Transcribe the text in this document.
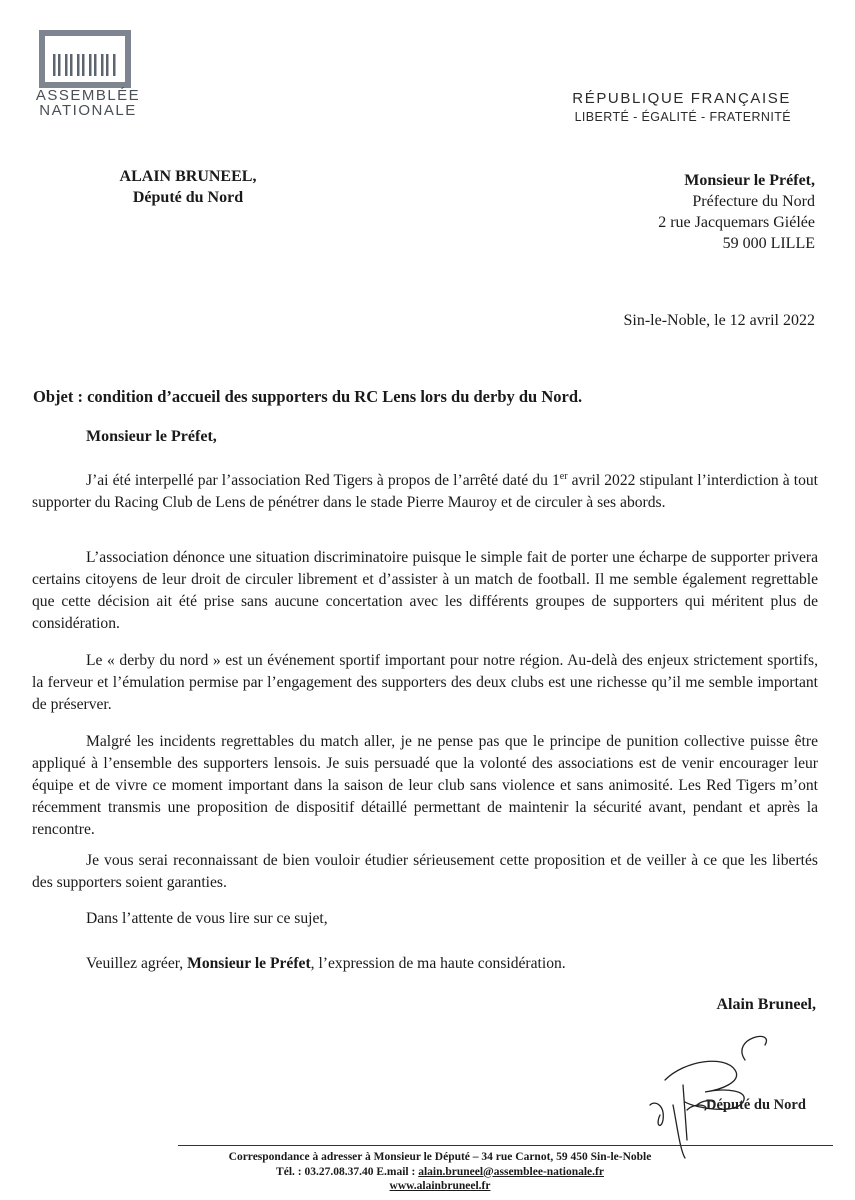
ASSEMBLÉE
NATIONALE
RÉPUBLIQUE FRANÇAISE
LIBERTÉ - ÉGALITÉ - FRATERNITÉ
ALAIN BRUNEEL,
Député du Nord
Monsieur le Préfet,
Préfecture du Nord
2 rue Jacquemars Giélée
59 000 LILLE
Sin-le-Noble, le 12 avril 2022
Objet : condition d’accueil des supporters du RC Lens lors du derby du Nord.
Monsieur le Préfet,
J’ai été interpellé par l’association Red Tigers à propos de l’arrêté daté du 1er avril 2022 stipulant l’interdiction à tout supporter du Racing Club de Lens de pénétrer dans le stade Pierre Mauroy et de circuler à ses abords.
L’association dénonce une situation discriminatoire puisque le simple fait de porter une écharpe de supporter privera certains citoyens de leur droit de circuler librement et d’assister à un match de football. Il me semble également regrettable que cette décision ait été prise sans aucune concertation avec les différents groupes de supporters qui méritent plus de considération.
Le « derby du nord » est un événement sportif important pour notre région. Au-delà des enjeux strictement sportifs, la ferveur et l’émulation permise par l’engagement des supporters des deux clubs est une richesse qu’il me semble important de préserver.
Malgré les incidents regrettables du match aller, je ne pense pas que le principe de punition collective puisse être appliqué à l’ensemble des supporters lensois. Je suis persuadé que la volonté des associations est de venir encourager leur équipe et de vivre ce moment important dans la saison de leur club sans violence et sans animosité. Les Red Tigers m’ont récemment transmis une proposition de dispositif détaillé permettant de maintenir la sécurité avant, pendant et après la rencontre.
Je vous serai reconnaissant de bien vouloir étudier sérieusement cette proposition et de veiller à ce que les libertés des supporters soient garanties.
Dans l’attente de vous lire sur ce sujet,
Veuillez agréer, Monsieur le Préfet, l’expression de ma haute considération.
Alain Bruneel,
Député du Nord
Correspondance à adresser à Monsieur le Député – 34 rue Carnot, 59 450 Sin-le-Noble
Tél. : 03.27.08.37.40 E.mail : alain.bruneel@assemblee-nationale.fr
www.alainbruneel.fr
